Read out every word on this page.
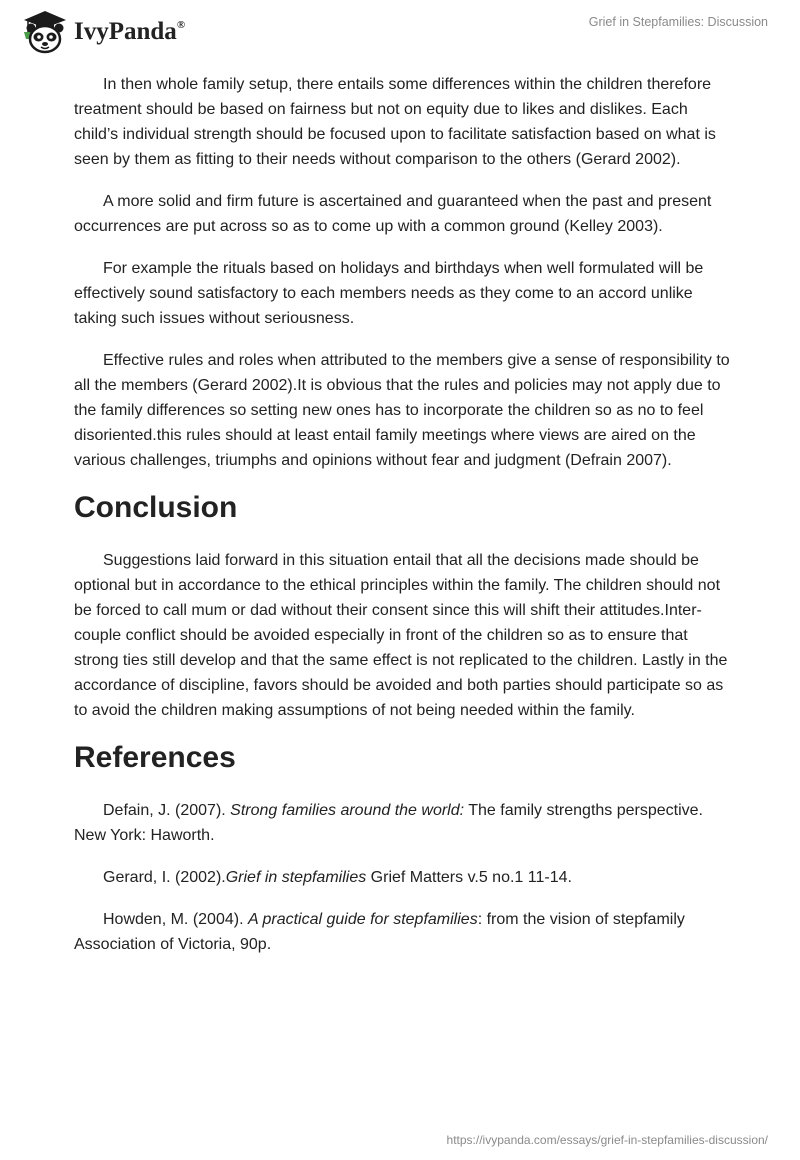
IvyPanda®	Grief in Stepfamilies: Discussion

In then whole family setup, there entails some differences within the children therefore treatment should be based on fairness but not on equity due to likes and dislikes. Each child’s individual strength should be focused upon to facilitate satisfaction based on what is seen by them as fitting to their needs without comparison to the others (Gerard 2002).

A more solid and firm future is ascertained and guaranteed when the past and present occurrences are put across so as to come up with a common ground (Kelley 2003).

For example the rituals based on holidays and birthdays when well formulated will be effectively sound satisfactory to each members needs as they come to an accord unlike taking such issues without seriousness.

Effective rules and roles when attributed to the members give a sense of responsibility to all the members (Gerard 2002).It is obvious that the rules and policies may not apply due to the family differences so setting new ones has to incorporate the children so as no to feel disoriented.this rules should at least entail family meetings where views are aired on the various challenges, triumphs and opinions without fear and judgment (Defrain 2007).

Conclusion

Suggestions laid forward in this situation entail that all the decisions made should be optional but in accordance to the ethical principles within the family. The children should not be forced to call mum or dad without their consent since this will shift their attitudes.Inter- couple conflict should be avoided especially in front of the children so as to ensure that strong ties still develop and that the same effect is not replicated to the children. Lastly in the accordance of discipline, favors should be avoided and both parties should participate so as to avoid the children making assumptions of not being needed within the family.

References

Defain, J. (2007). Strong families around the world: The family strengths perspective. New York: Haworth.

Gerard, I. (2002).Grief in stepfamilies Grief Matters v.5 no.1 11-14.

Howden, M. (2004). A practical guide for stepfamilies: from the vision of stepfamily Association of Victoria, 90p.

https://ivypanda.com/essays/grief-in-stepfamilies-discussion/
